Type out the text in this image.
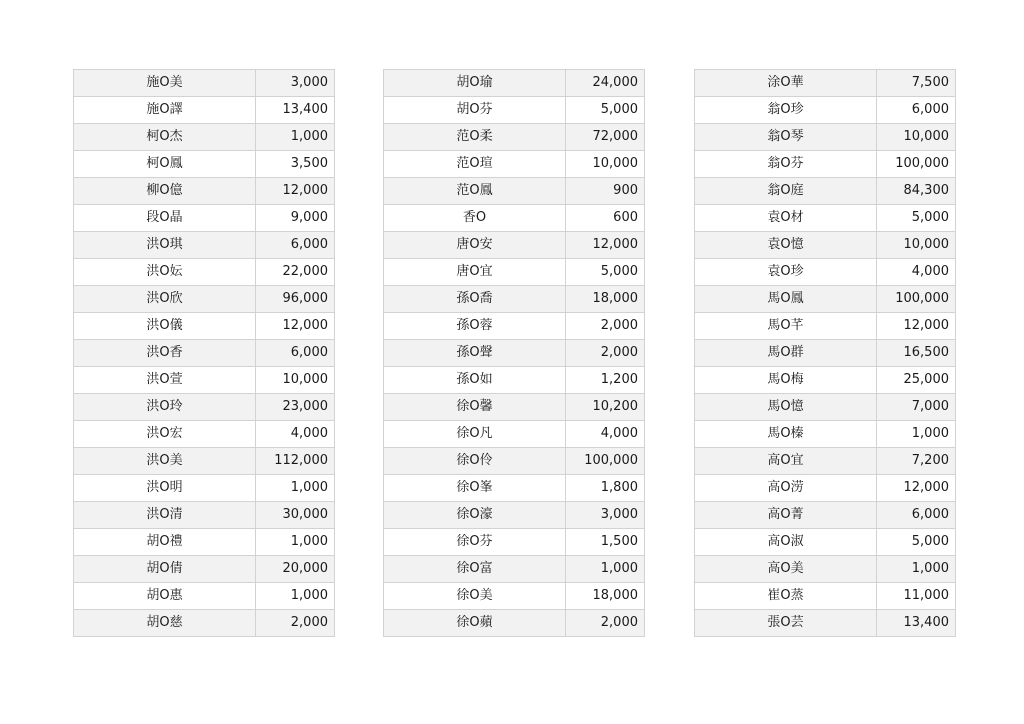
施O美	3,000
施O譯	13,400
柯O杰	1,000
柯O鳳	3,500
柳O億	12,000
段O晶	9,000
洪O琪	6,000
洪O妘	22,000
洪O欣	96,000
洪O儀	12,000
洪O香	6,000
洪O萱	10,000
洪O玲	23,000
洪O宏	4,000
洪O美	112,000
洪O明	1,000
洪O清	30,000
胡O禮	1,000
胡O倩	20,000
胡O惠	1,000
胡O慈	2,000
胡O瑜	24,000
胡O芬	5,000
范O柔	72,000
范O瑄	10,000
范O鳳	900
香O	600
唐O安	12,000
唐O宜	5,000
孫O喬	18,000
孫O蓉	2,000
孫O聲	2,000
孫O如	1,200
徐O馨	10,200
徐O凡	4,000
徐O伶	100,000
徐O峯	1,800
徐O濠	3,000
徐O芬	1,500
徐O富	1,000
徐O美	18,000
徐O蘋	2,000
涂O華	7,500
翁O珍	6,000
翁O琴	10,000
翁O芬	100,000
翁O庭	84,300
袁O材	5,000
袁O憶	10,000
袁O珍	4,000
馬O鳳	100,000
馬O芊	12,000
馬O群	16,500
馬O梅	25,000
馬O憶	7,000
馬O榛	1,000
高O宜	7,200
高O涝	12,000
高O菁	6,000
高O淑	5,000
高O美	1,000
崔O蒸	11,000
張O芸	13,400
